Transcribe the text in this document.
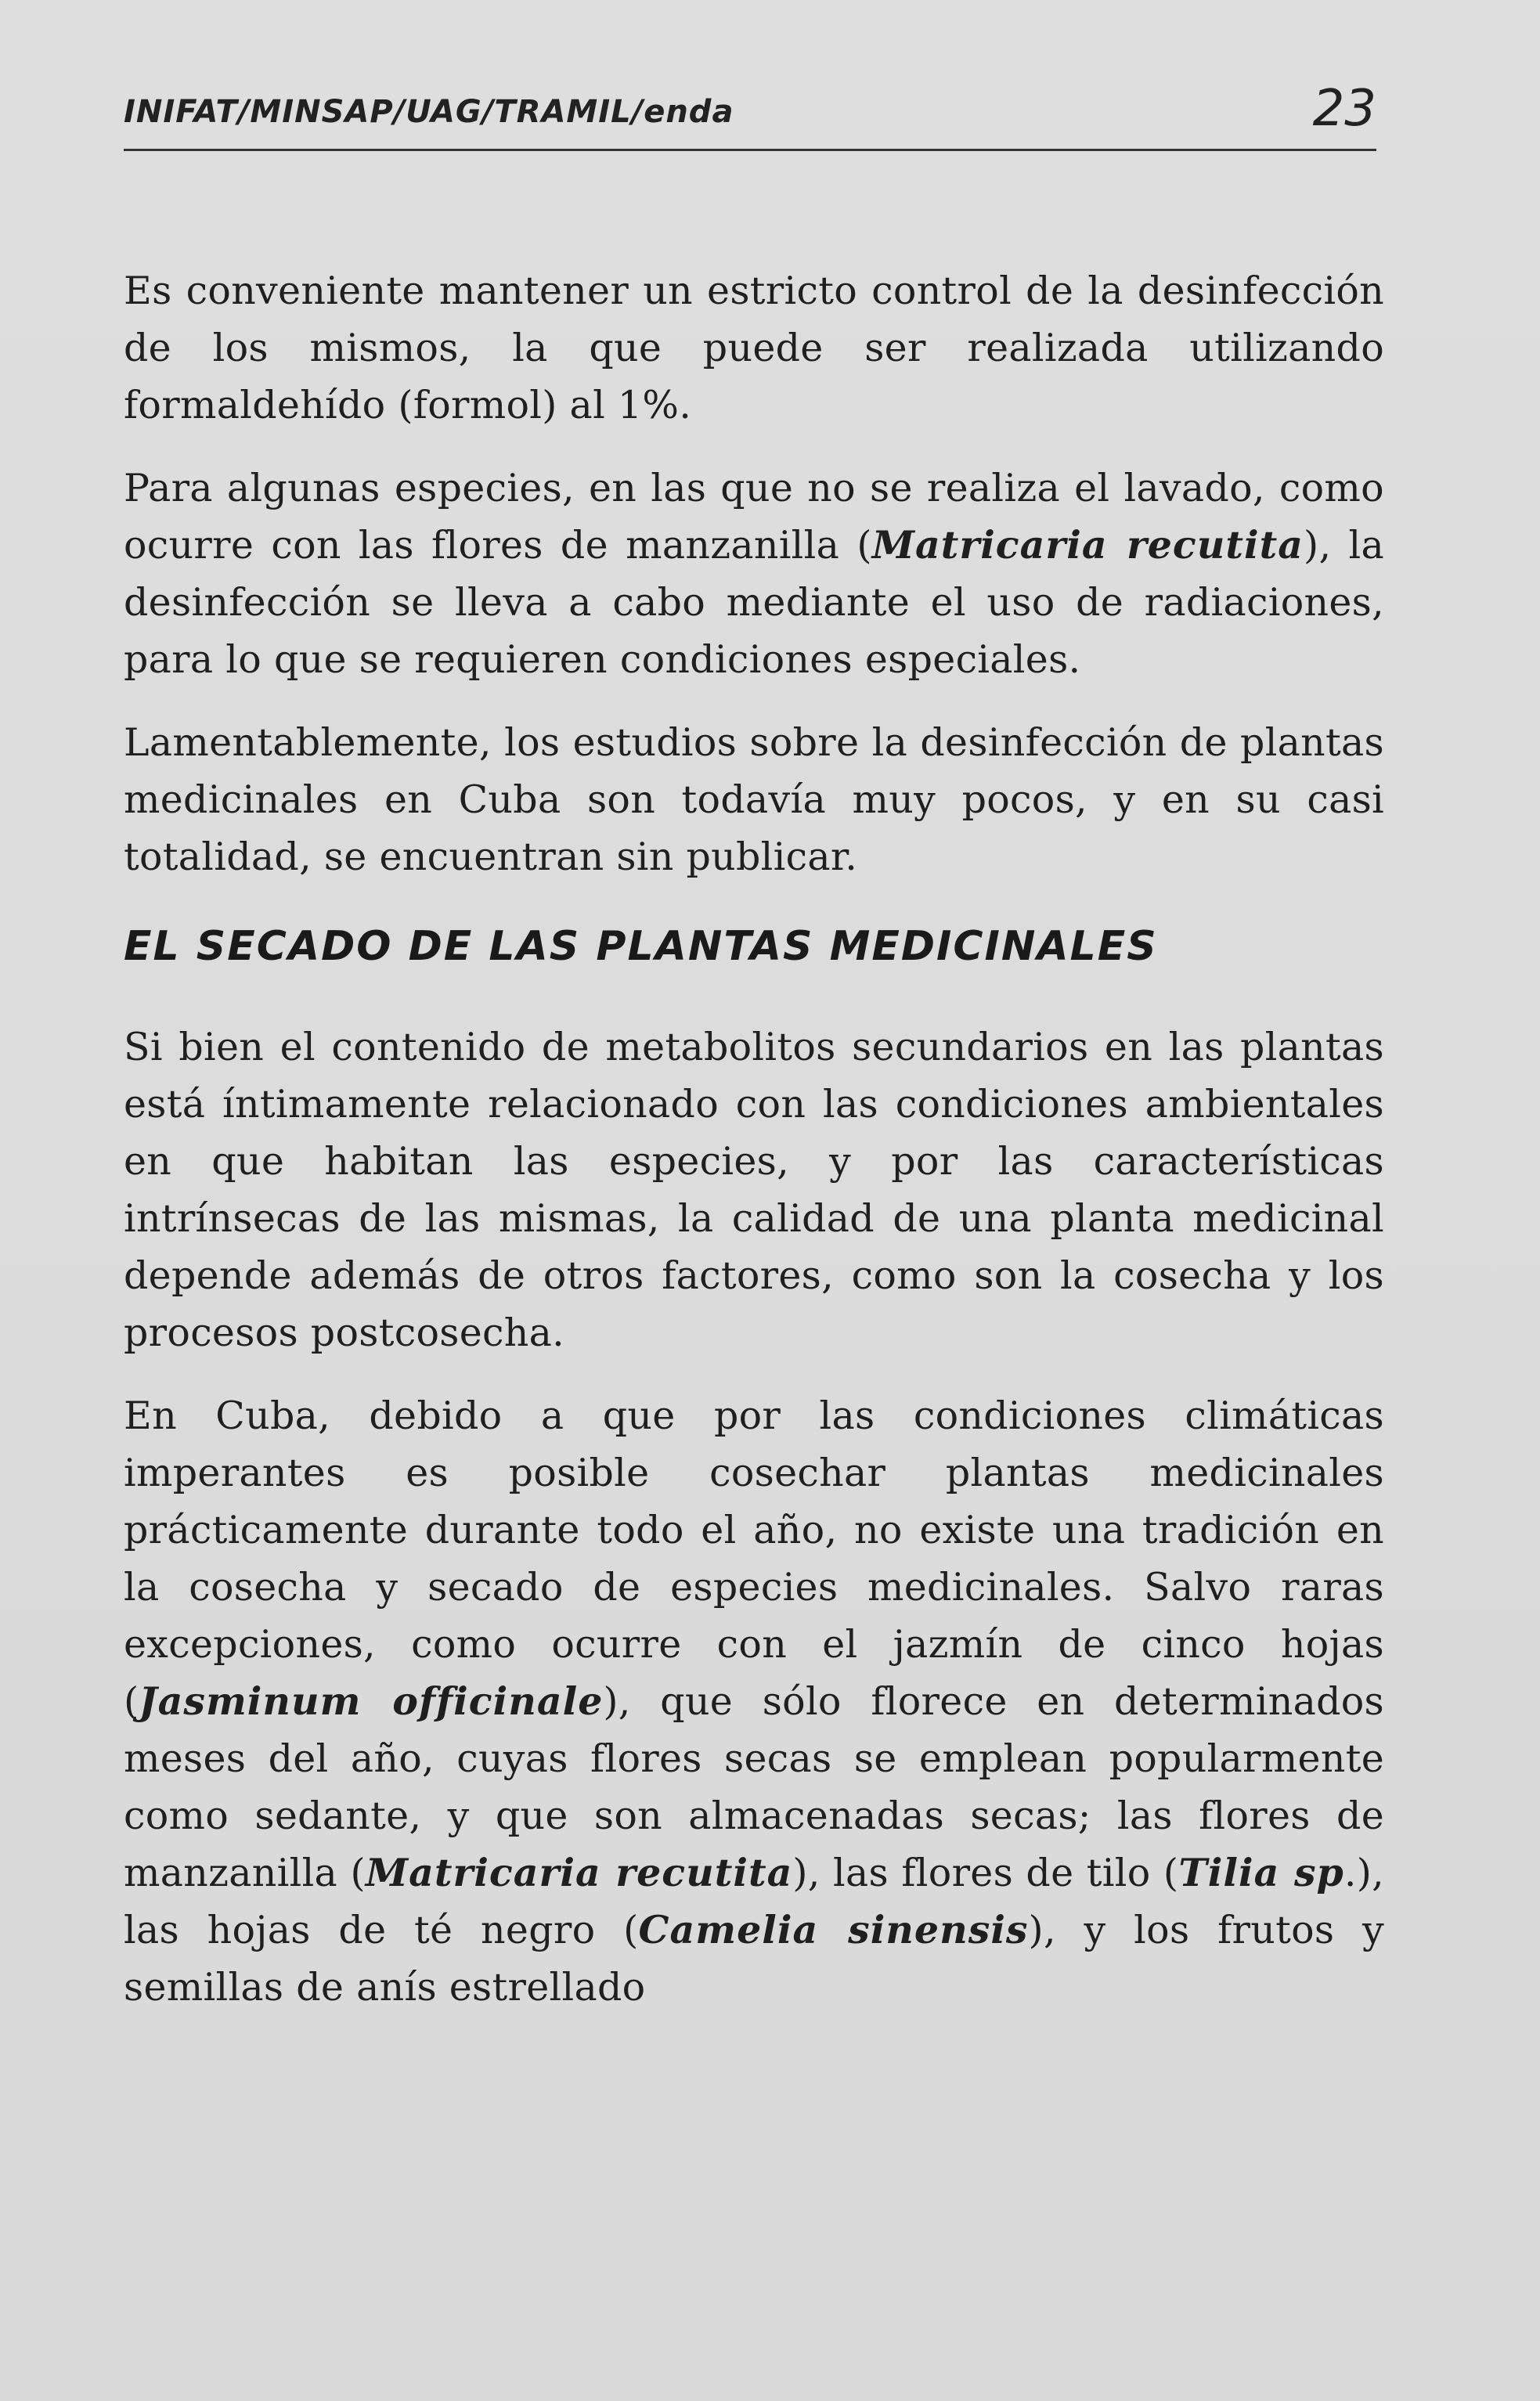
INIFAT/MINSAP/UAG/TRAMIL/enda	23

Es conveniente mantener un estricto control de la desinfección de los mismos, la que puede ser realizada utilizando formaldehído (formol) al 1%.

Para algunas especies, en las que no se realiza el lavado, como ocurre con las flores de manzanilla (Matricaria recutita), la desinfección se lleva a cabo mediante el uso de radiaciones, para lo que se requieren condiciones especiales.

Lamentablemente, los estudios sobre la desinfección de plantas medicinales en Cuba son todavía muy pocos, y en su casi totalidad, se encuentran sin publicar.

EL SECADO DE LAS PLANTAS MEDICINALES

Si bien el contenido de metabolitos secundarios en las plantas está íntimamente relacionado con las condiciones ambientales en que habitan las especies, y por las características intrínsecas de las mismas, la calidad de una planta medicinal depende además de otros factores, como son la cosecha y los procesos postcosecha.

En Cuba, debido a que por las condiciones climáticas imperantes es posible cosechar plantas medicinales prácticamente durante todo el año, no existe una tradición en la cosecha y secado de especies medicinales. Salvo raras excepciones, como ocurre con el jazmín de cinco hojas (Jasminum officinale), que sólo florece en determinados meses del año, cuyas flores secas se emplean popularmente como sedante, y que son almacenadas secas; las flores de manzanilla (Matricaria recutita), las flores de tilo (Tilia sp.), las hojas de té negro (Camelia sinensis), y los frutos y semillas de anís estrellado
